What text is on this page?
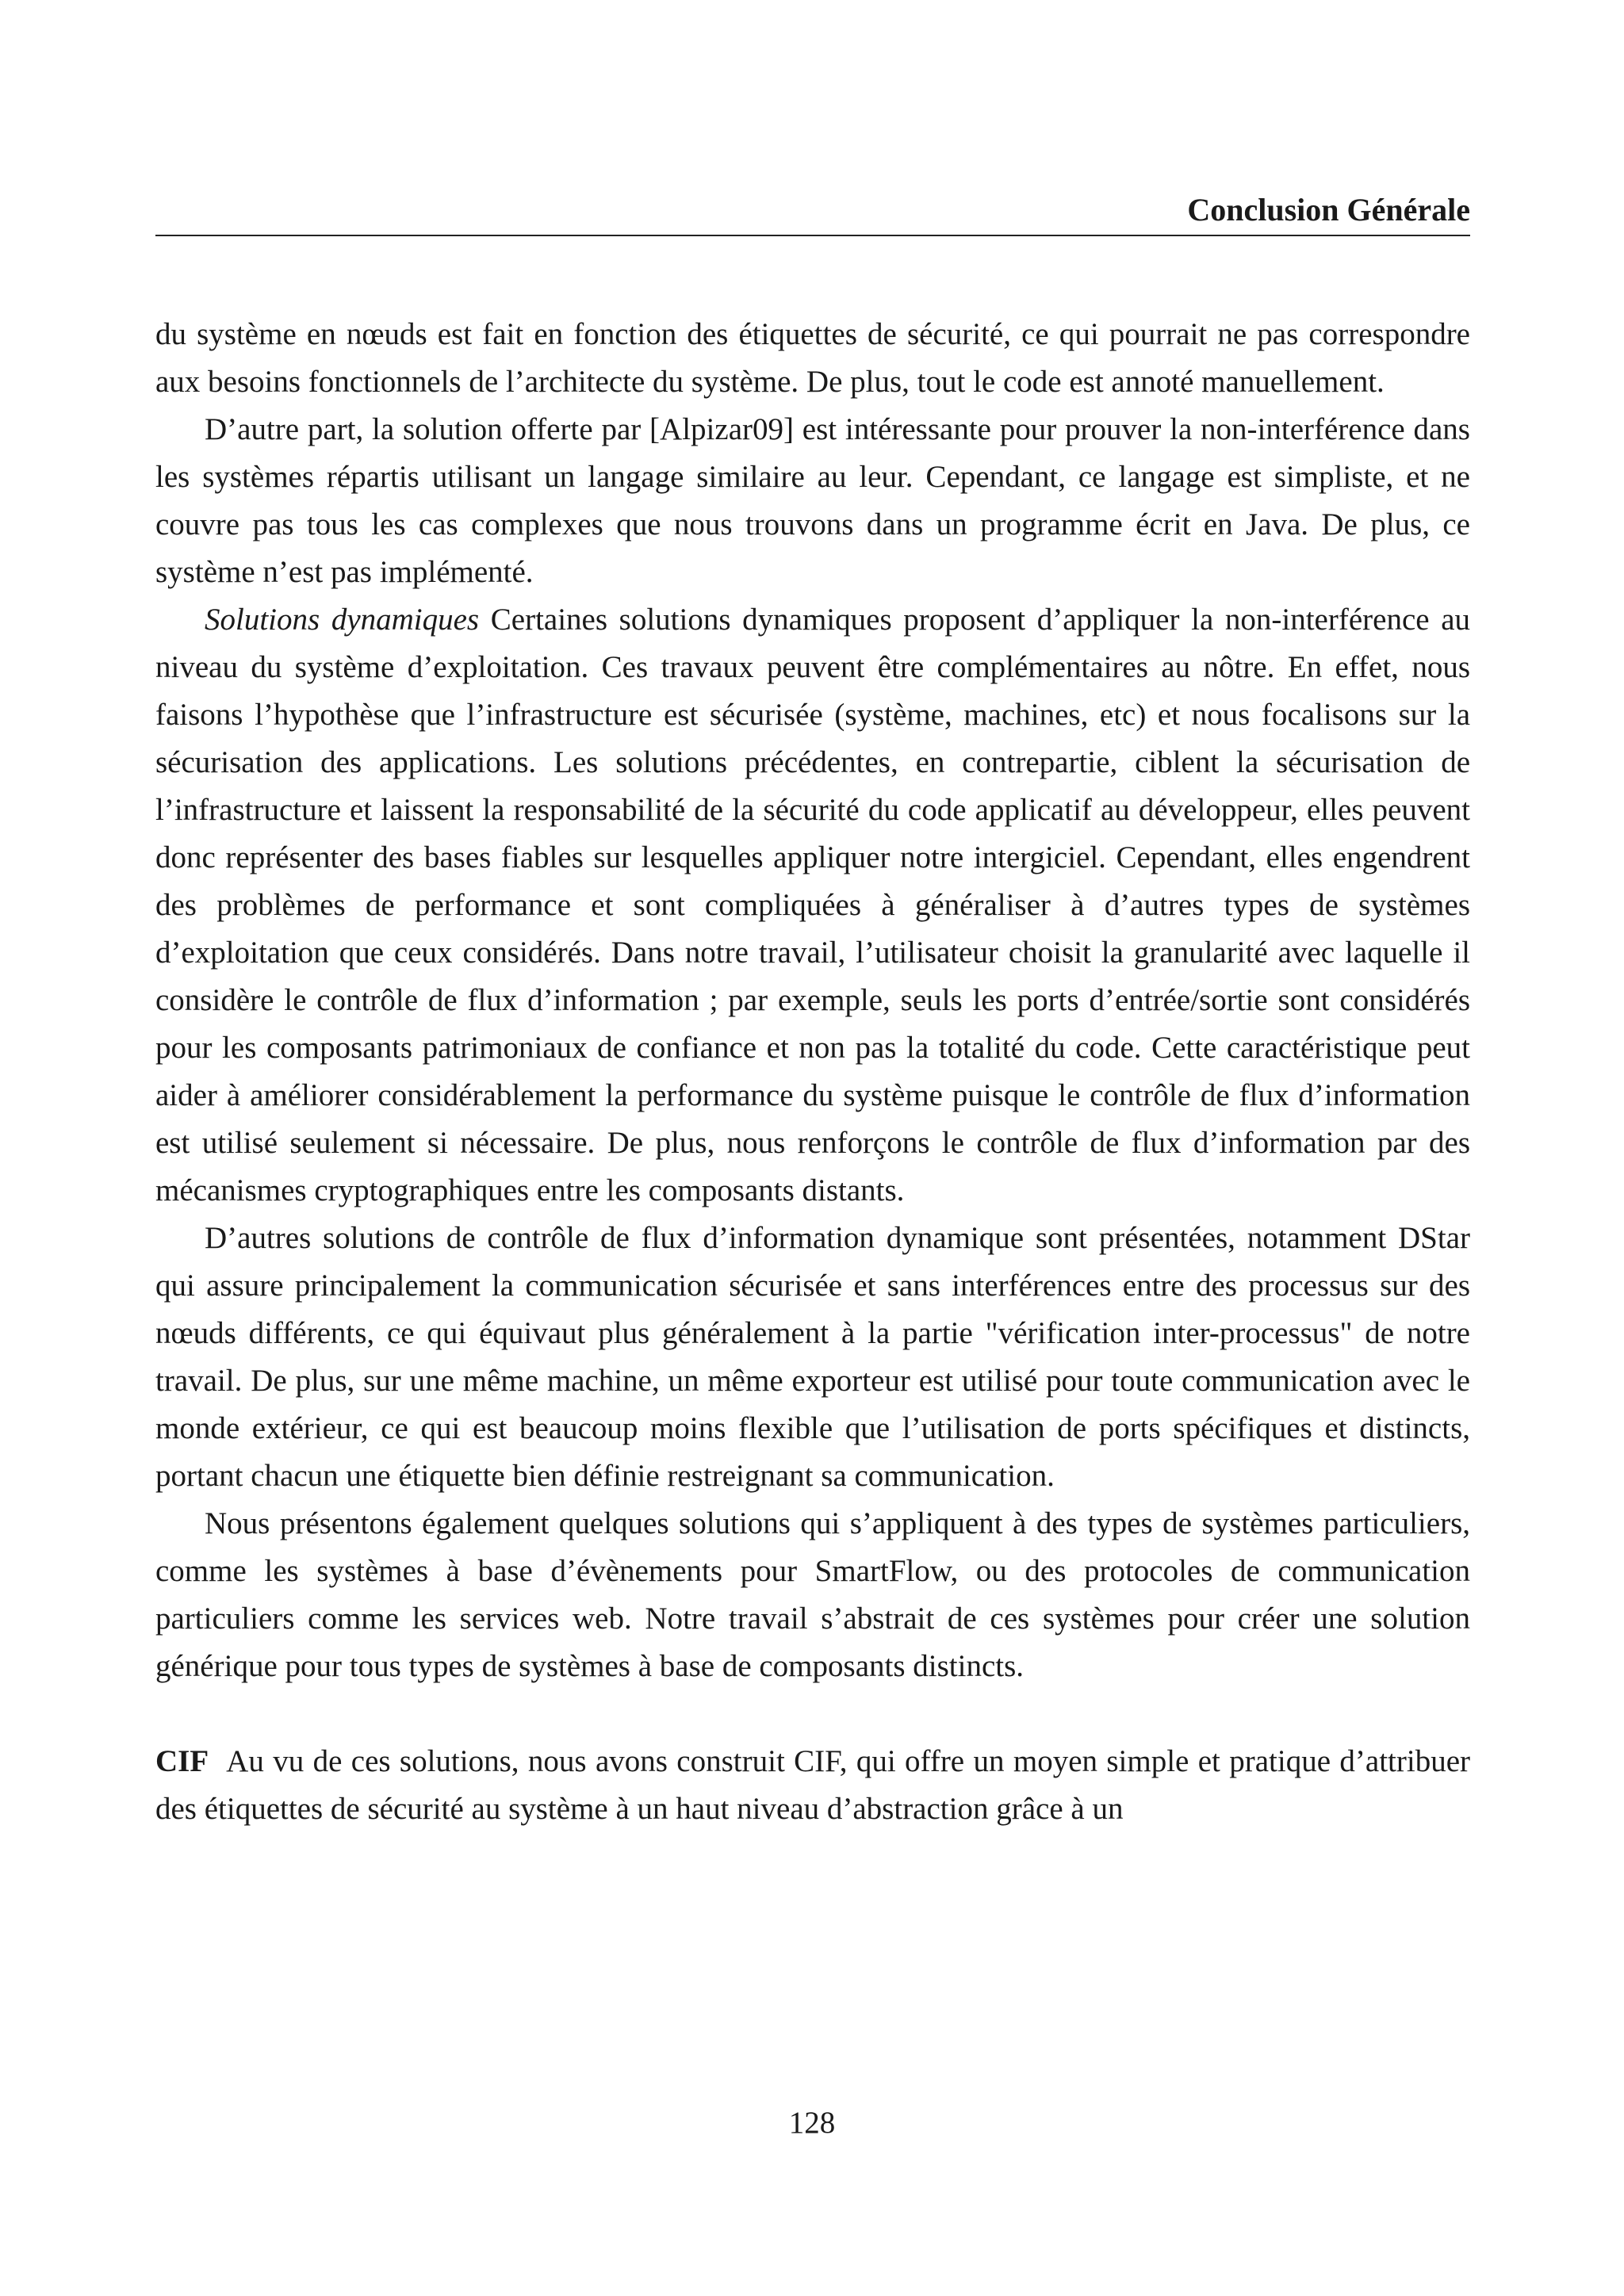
Conclusion Générale

du système en nœuds est fait en fonction des étiquettes de sécurité, ce qui pourrait ne pas correspondre aux besoins fonctionnels de l’architecte du système. De plus, tout le code est annoté manuellement.

D’autre part, la solution offerte par [Alpizar09] est intéressante pour prouver la non-interférence dans les systèmes répartis utilisant un langage similaire au leur. Cependant, ce langage est simpliste, et ne couvre pas tous les cas complexes que nous trouvons dans un programme écrit en Java. De plus, ce système n’est pas implémenté.

Solutions dynamiques Certaines solutions dynamiques proposent d’appliquer la non-interférence au niveau du système d’exploitation. Ces travaux peuvent être complémentaires au nôtre. En effet, nous faisons l’hypothèse que l’infrastructure est sécurisée (système, machines, etc) et nous focalisons sur la sécurisation des applications. Les solutions précédentes, en contrepartie, ciblent la sécurisation de l’infrastructure et laissent la responsabilité de la sécurité du code applicatif au développeur, elles peuvent donc représenter des bases fiables sur lesquelles appliquer notre intergiciel. Cependant, elles engendrent des problèmes de performance et sont compliquées à généraliser à d’autres types de systèmes d’exploitation que ceux considérés. Dans notre travail, l’utilisateur choisit la granularité avec laquelle il considère le contrôle de flux d’information ; par exemple, seuls les ports d’entrée/sortie sont considérés pour les composants patrimoniaux de confiance et non pas la totalité du code. Cette caractéristique peut aider à améliorer considérablement la performance du système puisque le contrôle de flux d’information est utilisé seulement si nécessaire. De plus, nous renforçons le contrôle de flux d’information par des mécanismes cryptographiques entre les composants distants.

D’autres solutions de contrôle de flux d’information dynamique sont présentées, notamment DStar qui assure principalement la communication sécurisée et sans interférences entre des processus sur des nœuds différents, ce qui équivaut plus généralement à la partie "vérification inter-processus" de notre travail. De plus, sur une même machine, un même exporteur est utilisé pour toute communication avec le monde extérieur, ce qui est beaucoup moins flexible que l’utilisation de ports spécifiques et distincts, portant chacun une étiquette bien définie restreignant sa communication.

Nous présentons également quelques solutions qui s’appliquent à des types de systèmes particuliers, comme les systèmes à base d’évènements pour SmartFlow, ou des protocoles de communication particuliers comme les services web. Notre travail s’abstrait de ces systèmes pour créer une solution générique pour tous types de systèmes à base de composants distincts.

CIF Au vu de ces solutions, nous avons construit CIF, qui offre un moyen simple et pratique d’attribuer des étiquettes de sécurité au système à un haut niveau d’abstraction grâce à un

128
